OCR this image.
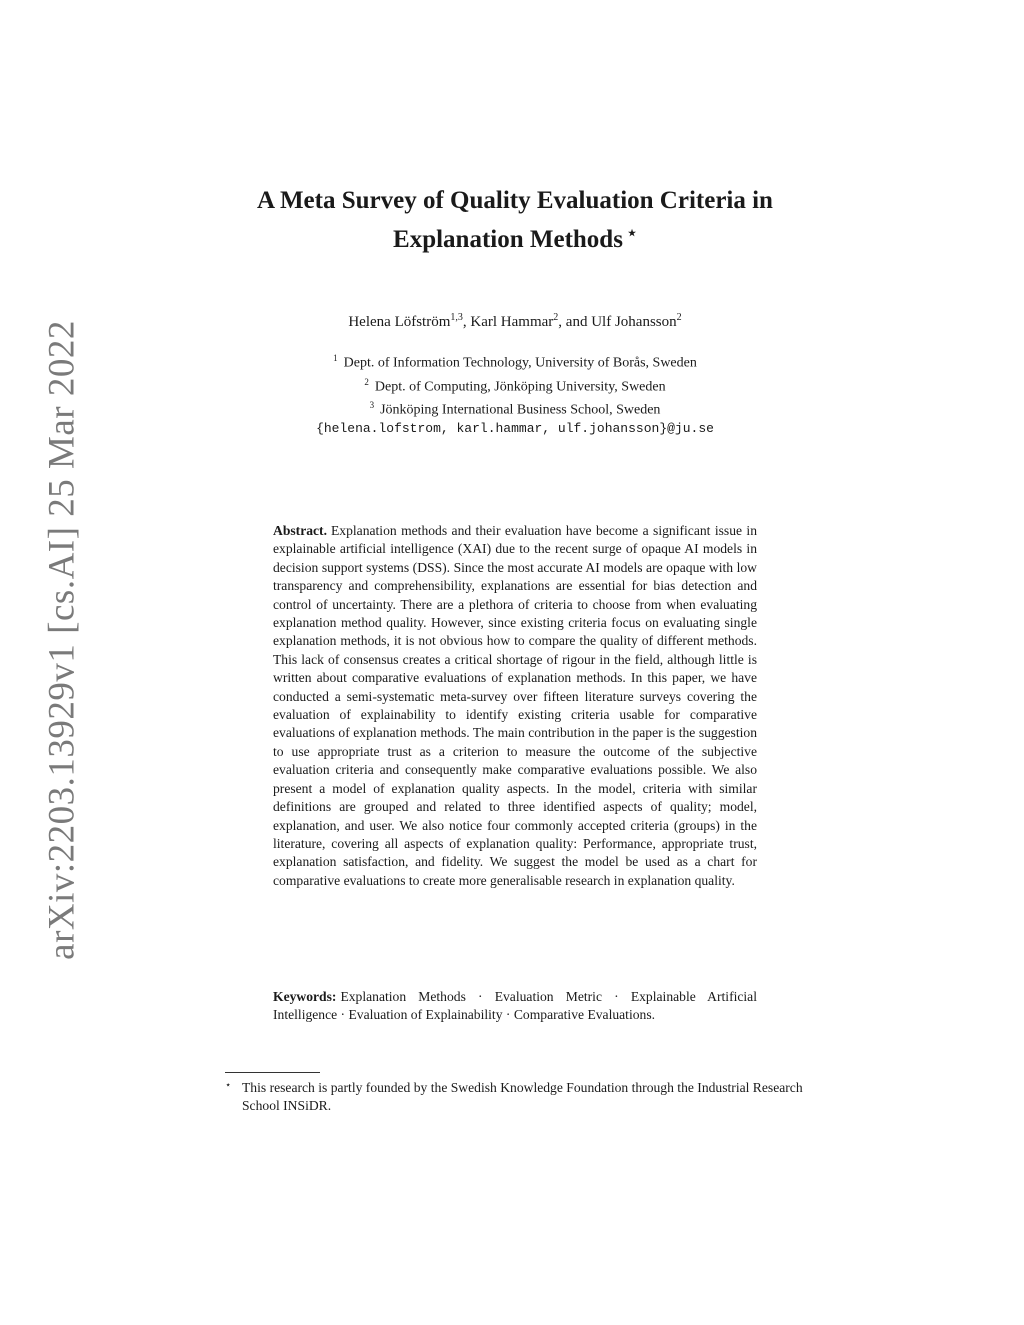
arXiv:2203.13929v1 [cs.AI] 25 Mar 2022
A Meta Survey of Quality Evaluation Criteria in
Explanation Methods ⋆
Helena Löfström$^{1,3}$, Karl Hammar$^2$, and Ulf Johansson$^2$
$^1$ Dept. of Information Technology, University of Borås, Sweden
$^2$ Dept. of Computing, Jönköping University, Sweden
$^3$ Jönköping International Business School, Sweden
{helena.lofstrom, karl.hammar, ulf.johansson}@ju.se
Abstract. Explanation methods and their evaluation have become a significant issue in explainable artificial intelligence (XAI) due to the recent surge of opaque AI models in decision support systems (DSS). Since the most accurate AI models are opaque with low transparency and comprehensibility, explanations are essential for bias detection and control of uncertainty. There are a plethora of criteria to choose from when evaluating explanation method quality. However, since existing criteria focus on evaluating single explanation methods, it is not obvious how to compare the quality of different methods. This lack of consensus creates a critical shortage of rigour in the field, although little is written about comparative evaluations of explanation methods. In this paper, we have conducted a semi-systematic meta-survey over fifteen literature surveys covering the evaluation of explainability to identify existing criteria usable for comparative evaluations of explanation methods. The main contribution in the paper is the suggestion to use appropriate trust as a criterion to measure the outcome of the subjective evaluation criteria and consequently make comparative evaluations possible. We also present a model of explanation quality aspects. In the model, criteria with similar definitions are grouped and related to three identified aspects of quality; model, explanation, and user. We also notice four commonly accepted criteria (groups) in the literature, covering all aspects of explanation quality: Performance, appropriate trust, explanation satisfaction, and fidelity. We suggest the model be used as a chart for comparative evaluations to create more generalisable research in explanation quality.
Keywords: Explanation Methods · Evaluation Metric · Explainable Artificial Intelligence · Evaluation of Explainability · Comparative Evaluations.
⋆ This research is partly founded by the Swedish Knowledge Foundation through the Industrial Research School INSiDR.
